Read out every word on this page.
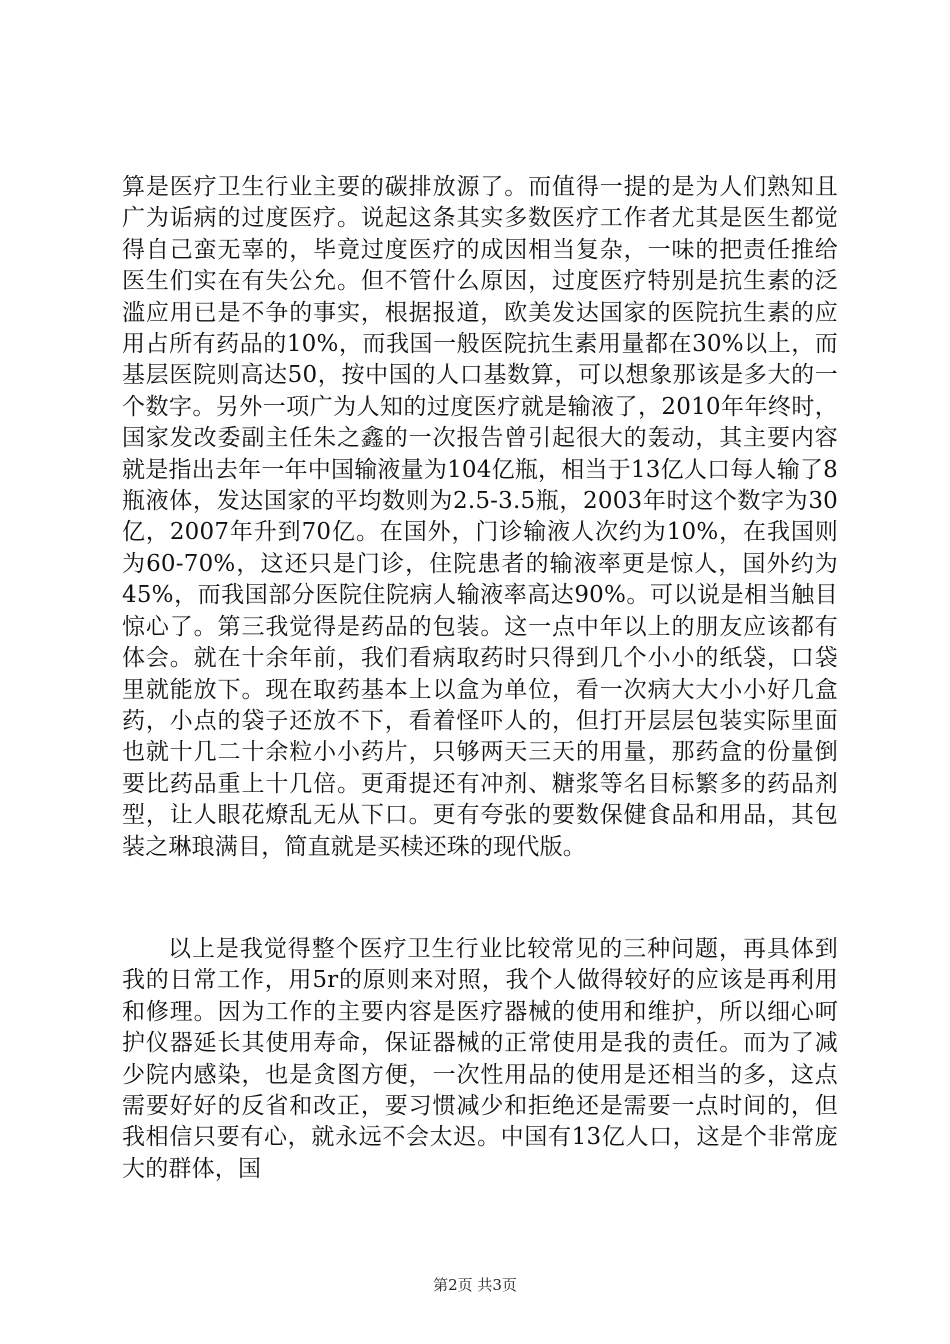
算是医疗卫生行业主要的碳排放源了。而值得一提的是为人们熟知且广为诟病的过度医疗。说起这条其实多数医疗工作者尤其是医生都觉得自己蛮无辜的，毕竟过度医疗的成因相当复杂，一味的把责任推给医生们实在有失公允。但不管什么原因，过度医疗特别是抗生素的泛滥应用已是不争的事实，根据报道，欧美发达国家的医院抗生素的应用占所有药品的10%，而我国一般医院抗生素用量都在30%以上，而基层医院则高达50，按中国的人口基数算，可以想象那该是多大的一个数字。另外一项广为人知的过度医疗就是输液了，2010年年终时，国家发改委副主任朱之鑫的一次报告曾引起很大的轰动，其主要内容就是指出去年一年中国输液量为104亿瓶，相当于13亿人口每人输了8瓶液体，发达国家的平均数则为2.5-3.5瓶，2003年时这个数字为30亿，2007年升到70亿。在国外，门诊输液人次约为10%，在我国则为60-70%，这还只是门诊，住院患者的输液率更是惊人，国外约为45%，而我国部分医院住院病人输液率高达90%。可以说是相当触目惊心了。第三我觉得是药品的包装。这一点中年以上的朋友应该都有体会。就在十余年前，我们看病取药时只得到几个小小的纸袋，口袋里就能放下。现在取药基本上以盒为单位，看一次病大大小小好几盒药，小点的袋子还放不下，看着怪吓人的，但打开层层包装实际里面也就十几二十余粒小小药片，只够两天三天的用量，那药盒的份量倒要比药品重上十几倍。更甭提还有冲剂、糖浆等名目标繁多的药品剂型，让人眼花燎乱无从下口。更有夸张的要数保健食品和用品，其包装之琳琅满目，简直就是买椟还珠的现代版。

以上是我觉得整个医疗卫生行业比较常见的三种问题，再具体到我的日常工作，用5r的原则来对照，我个人做得较好的应该是再利用和修理。因为工作的主要内容是医疗器械的使用和维护，所以细心呵护仪器延长其使用寿命，保证器械的正常使用是我的责任。而为了减少院内感染，也是贪图方便，一次性用品的使用是还相当的多，这点需要好好的反省和改正，要习惯减少和拒绝还是需要一点时间的，但我相信只要有心，就永远不会太迟。中国有13亿人口，这是个非常庞大的群体，国

第2页 共3页
